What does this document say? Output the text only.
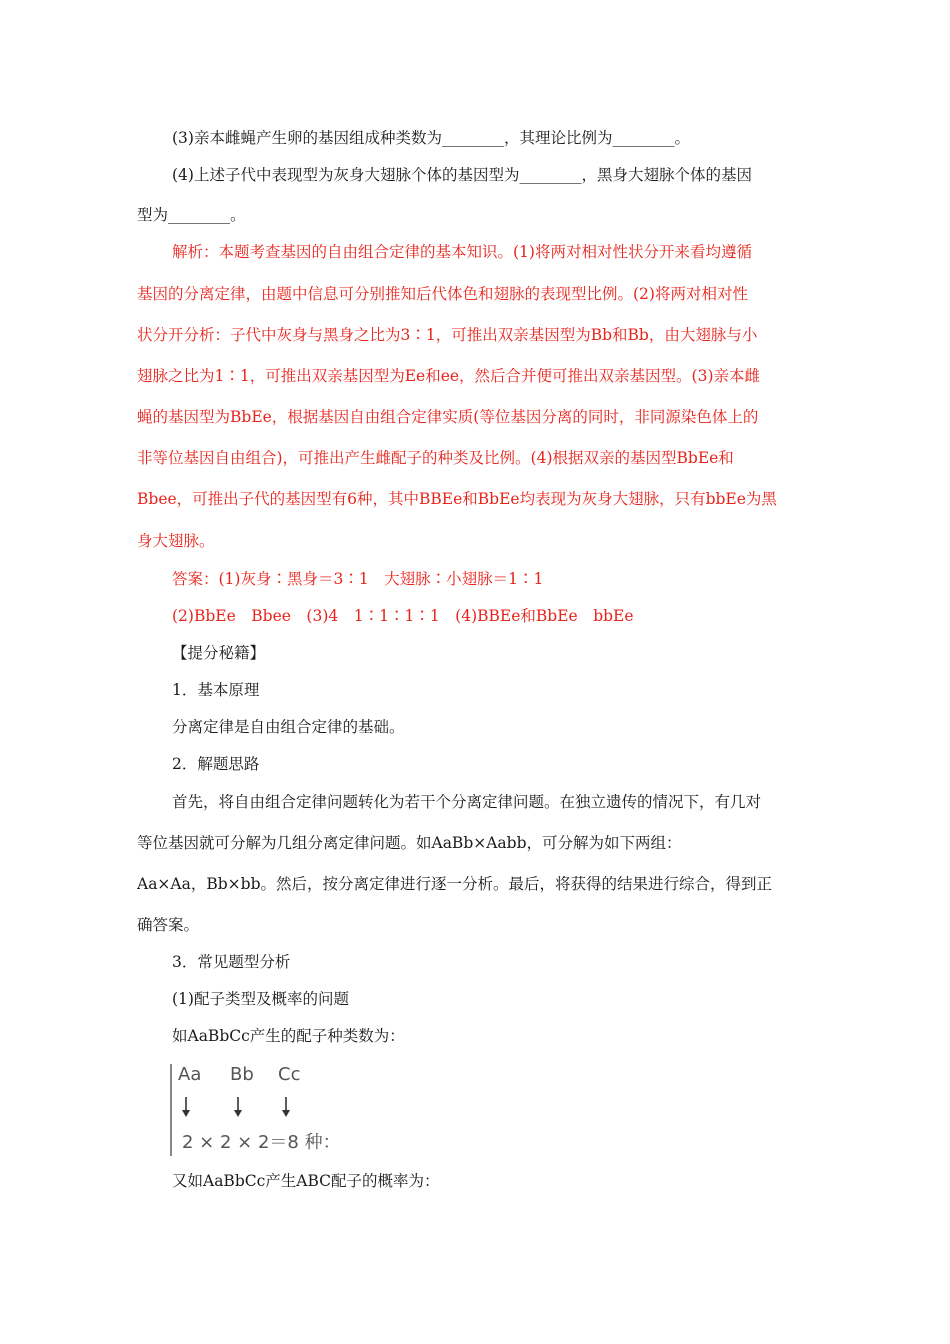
(3)亲本雌蝇产生卵的基因组成种类数为________，其理论比例为________。
(4)上述子代中表现型为灰身大翅脉个体的基因型为________，黑身大翅脉个体的基因
型为________。
解析：本题考查基因的自由组合定律的基本知识。(1)将两对相对性状分开来看均遵循
基因的分离定律，由题中信息可分别推知后代体色和翅脉的表现型比例。(2)将两对相对性
状分开分析：子代中灰身与黑身之比为3∶1，可推出双亲基因型为Bb和Bb，由大翅脉与小
翅脉之比为1∶1，可推出双亲基因型为Ee和ee，然后合并便可推出双亲基因型。(3)亲本雌
蝇的基因型为BbEe，根据基因自由组合定律实质(等位基因分离的同时，非同源染色体上的
非等位基因自由组合)，可推出产生雌配子的种类及比例。(4)根据双亲的基因型BbEe和
Bbee，可推出子代的基因型有6种，其中BBEe和BbEe均表现为灰身大翅脉，只有bbEe为黑
身大翅脉。
答案：(1)灰身∶黑身＝3∶1　大翅脉∶小翅脉＝1∶1
(2)BbEe　Bbee　(3)4　1∶1∶1∶1　(4)BBEe和BbEe　bbEe
【提分秘籍】
1．基本原理
分离定律是自由组合定律的基础。
2．解题思路
首先，将自由组合定律问题转化为若干个分离定律问题。在独立遗传的情况下，有几对
等位基因就可分解为几组分离定律问题。如AaBb×Aabb，可分解为如下两组：
Aa×Aa，Bb×bb。然后，按分离定律进行逐一分析。最后，将获得的结果进行综合，得到正
确答案。
3．常见题型分析
(1)配子类型及概率的问题
如AaBbCc产生的配子种类数为：
Aa Bb Cc
2 × 2 × 2＝8 种：
又如AaBbCc产生ABC配子的概率为：
